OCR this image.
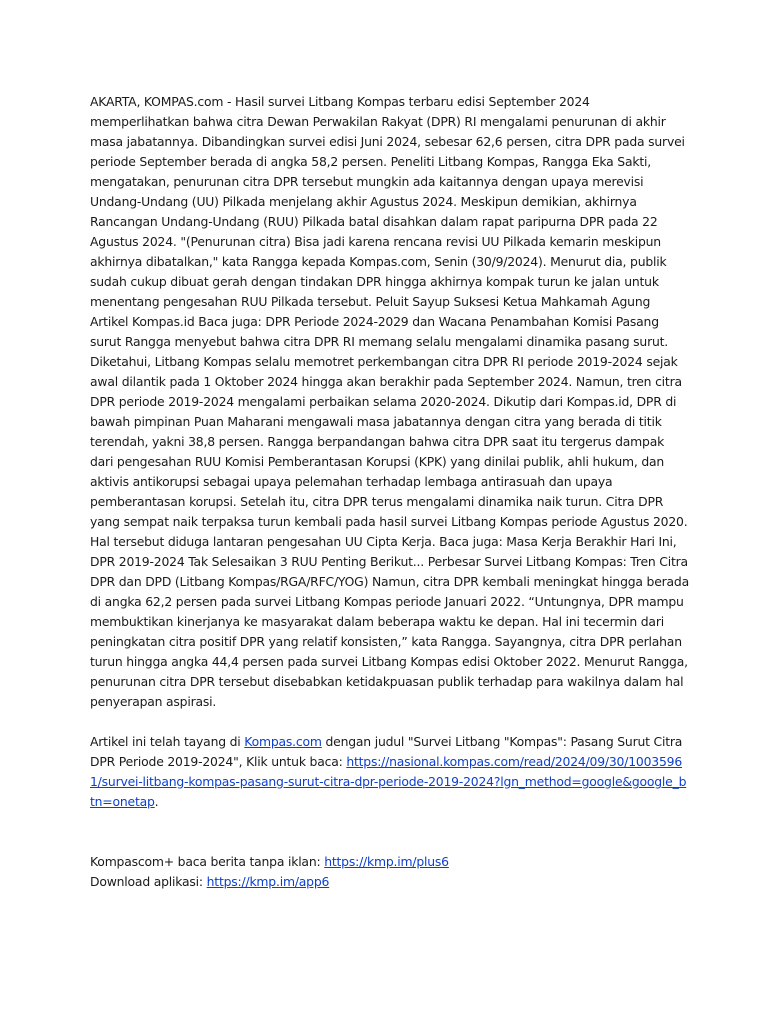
AKARTA, KOMPAS.com - Hasil survei Litbang Kompas terbaru edisi September 2024 memperlihatkan bahwa citra Dewan Perwakilan Rakyat (DPR) RI mengalami penurunan di akhir masa jabatannya. Dibandingkan survei edisi Juni 2024, sebesar 62,6 persen, citra DPR pada survei periode September berada di angka 58,2 persen. Peneliti Litbang Kompas, Rangga Eka Sakti, mengatakan, penurunan citra DPR tersebut mungkin ada kaitannya dengan upaya merevisi Undang-Undang (UU) Pilkada menjelang akhir Agustus 2024. Meskipun demikian, akhirnya Rancangan Undang-Undang (RUU) Pilkada batal disahkan dalam rapat paripurna DPR pada 22 Agustus 2024. "(Penurunan citra) Bisa jadi karena rencana revisi UU Pilkada kemarin meskipun akhirnya dibatalkan," kata Rangga kepada Kompas.com, Senin (30/9/2024). Menurut dia, publik sudah cukup dibuat gerah dengan tindakan DPR hingga akhirnya kompak turun ke jalan untuk menentang pengesahan RUU Pilkada tersebut. Peluit Sayup Suksesi Ketua Mahkamah Agung Artikel Kompas.id Baca juga: DPR Periode 2024-2029 dan Wacana Penambahan Komisi Pasang surut Rangga menyebut bahwa citra DPR RI memang selalu mengalami dinamika pasang surut. Diketahui, Litbang Kompas selalu memotret perkembangan citra DPR RI periode 2019-2024 sejak awal dilantik pada 1 Oktober 2024 hingga akan berakhir pada September 2024. Namun, tren citra DPR periode 2019-2024 mengalami perbaikan selama 2020-2024. Dikutip dari Kompas.id, DPR di bawah pimpinan Puan Maharani mengawali masa jabatannya dengan citra yang berada di titik terendah, yakni 38,8 persen. Rangga berpandangan bahwa citra DPR saat itu tergerus dampak dari pengesahan RUU Komisi Pemberantasan Korupsi (KPK) yang dinilai publik, ahli hukum, dan aktivis antikorupsi sebagai upaya pelemahan terhadap lembaga antirasuah dan upaya pemberantasan korupsi. Setelah itu, citra DPR terus mengalami dinamika naik turun. Citra DPR yang sempat naik terpaksa turun kembali pada hasil survei Litbang Kompas periode Agustus 2020. Hal tersebut diduga lantaran pengesahan UU Cipta Kerja. Baca juga: Masa Kerja Berakhir Hari Ini, DPR 2019-2024 Tak Selesaikan 3 RUU Penting Berikut... Perbesar Survei Litbang Kompas: Tren Citra DPR dan DPD (Litbang Kompas/RGA/RFC/YOG) Namun, citra DPR kembali meningkat hingga berada di angka 62,2 persen pada survei Litbang Kompas periode Januari 2022. “Untungnya, DPR mampu membuktikan kinerjanya ke masyarakat dalam beberapa waktu ke depan. Hal ini tecermin dari peningkatan citra positif DPR yang relatif konsisten,” kata Rangga. Sayangnya, citra DPR perlahan turun hingga angka 44,4 persen pada survei Litbang Kompas edisi Oktober 2022. Menurut Rangga, penurunan citra DPR tersebut disebabkan ketidakpuasan publik terhadap para wakilnya dalam hal penyerapan aspirasi.

Artikel ini telah tayang di Kompas.com dengan judul "Survei Litbang "Kompas": Pasang Surut Citra DPR Periode 2019-2024", Klik untuk baca: https://nasional.kompas.com/read/2024/09/30/10035961/survei-litbang-kompas-pasang-surut-citra-dpr-periode-2019-2024?lgn_method=google&google_btn=onetap.

Kompascom+ baca berita tanpa iklan: https://kmp.im/plus6
Download aplikasi: https://kmp.im/app6
